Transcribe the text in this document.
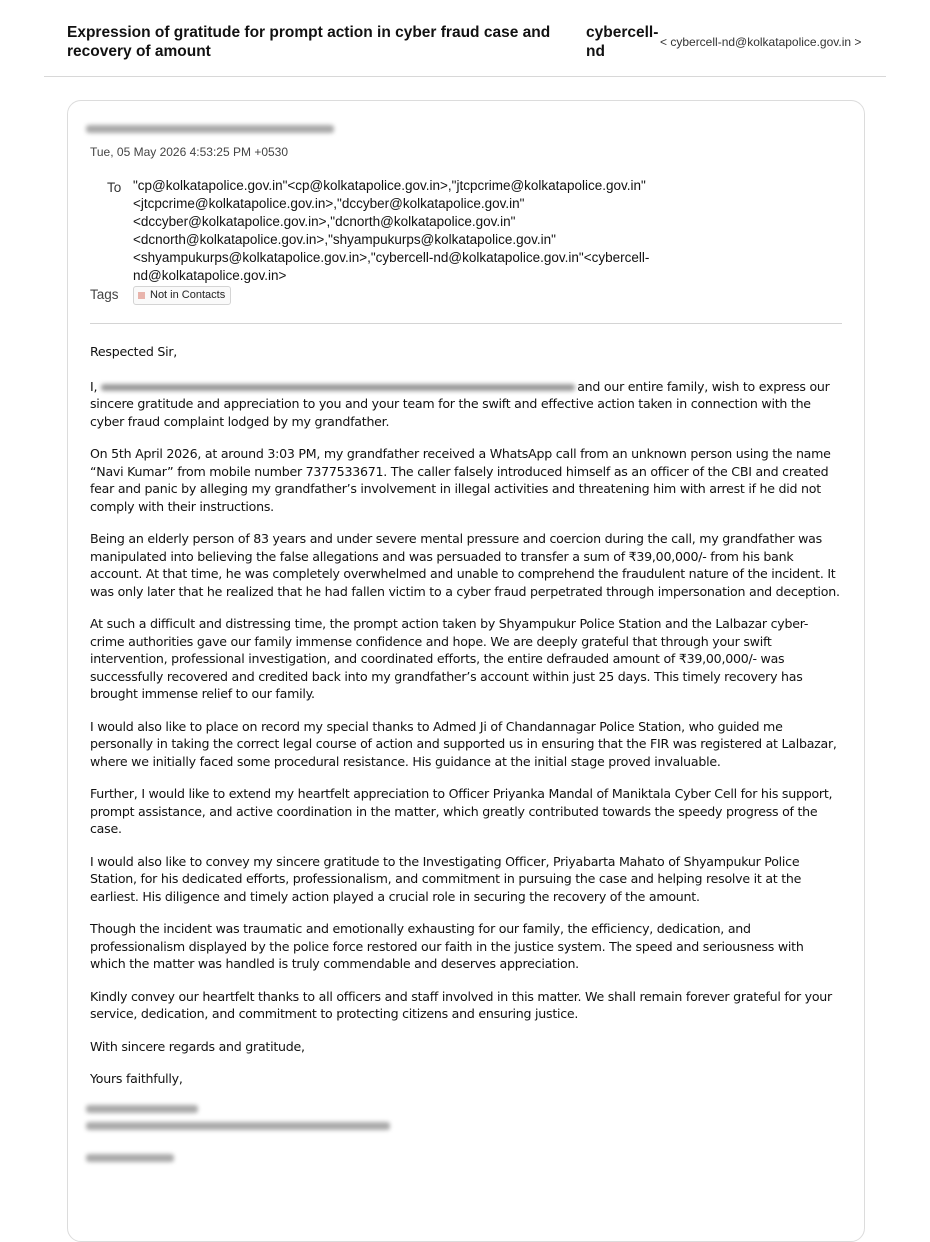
Expression of gratitude for prompt action in cyber fraud case and recovery of amount
cybercell-nd
< cybercell-nd@kolkatapolice.gov.in >
Tue, 05 May 2026 4:53:25 PM +0530
To "cp@kolkatapolice.gov.in"<cp@kolkatapolice.gov.in>,"jtcpcrime@kolkatapolice.gov.in" <jtcpcrime@kolkatapolice.gov.in>,"dccyber@kolkatapolice.gov.in" <dccyber@kolkatapolice.gov.in>,"dcnorth@kolkatapolice.gov.in" <dcnorth@kolkatapolice.gov.in>,"shyampukurps@kolkatapolice.gov.in" <shyampukurps@kolkatapolice.gov.in>,"cybercell-nd@kolkatapolice.gov.in"<cybercell-nd@kolkatapolice.gov.in>
Tags	Not in Contacts

Respected Sir,

I,	and our entire family, wish to express our sincere gratitude and appreciation to you and your team for the swift and effective action taken in connection with the cyber fraud complaint lodged by my grandfather.

On 5th April 2026, at around 3:03 PM, my grandfather received a WhatsApp call from an unknown person using the name “Navi Kumar” from mobile number 7377533671. The caller falsely introduced himself as an officer of the CBI and created fear and panic by alleging my grandfather’s involvement in illegal activities and threatening him with arrest if he did not comply with their instructions.

Being an elderly person of 83 years and under severe mental pressure and coercion during the call, my grandfather was manipulated into believing the false allegations and was persuaded to transfer a sum of ₹39,00,000/- from his bank account. At that time, he was completely overwhelmed and unable to comprehend the fraudulent nature of the incident. It was only later that he realized that he had fallen victim to a cyber fraud perpetrated through impersonation and deception.

At such a difficult and distressing time, the prompt action taken by Shyampukur Police Station and the Lalbazar cyber-crime authorities gave our family immense confidence and hope. We are deeply grateful that through your swift intervention, professional investigation, and coordinated efforts, the entire defrauded amount of ₹39,00,000/- was successfully recovered and credited back into my grandfather’s account within just 25 days. This timely recovery has brought immense relief to our family.

I would also like to place on record my special thanks to Admed Ji of Chandannagar Police Station, who guided me personally in taking the correct legal course of action and supported us in ensuring that the FIR was registered at Lalbazar, where we initially faced some procedural resistance. His guidance at the initial stage proved invaluable.

Further, I would like to extend my heartfelt appreciation to Officer Priyanka Mandal of Maniktala Cyber Cell for his support, prompt assistance, and active coordination in the matter, which greatly contributed towards the speedy progress of the case.

I would also like to convey my sincere gratitude to the Investigating Officer, Priyabarta Mahato of Shyampukur Police Station, for his dedicated efforts, professionalism, and commitment in pursuing the case and helping resolve it at the earliest. His diligence and timely action played a crucial role in securing the recovery of the amount.

Though the incident was traumatic and emotionally exhausting for our family, the efficiency, dedication, and professionalism displayed by the police force restored our faith in the justice system. The speed and seriousness with which the matter was handled is truly commendable and deserves appreciation.

Kindly convey our heartfelt thanks to all officers and staff involved in this matter. We shall remain forever grateful for your service, dedication, and commitment to protecting citizens and ensuring justice.

With sincere regards and gratitude,

Yours faithfully,
